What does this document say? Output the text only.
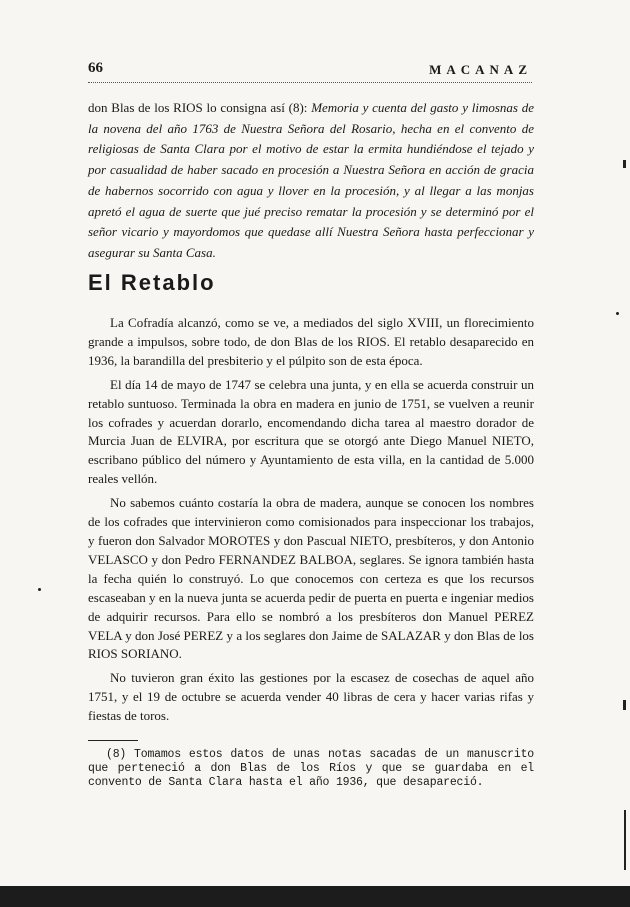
66	MACANAZ
don Blas de los RIOS lo consigna así (8): Memoria y cuenta del gasto y limosnas de la novena del año 1763 de Nuestra Señora del Rosario, hecha en el convento de religiosas de Santa Clara por el motivo de estar la ermita hundiéndose el tejado y por casualidad de haber sacado en procesión a Nuestra Señora en acción de gracia de habernos socorrido con agua y llover en la procesión, y al llegar a las monjas apretó el agua de suerte que jué preciso rematar la procesión y se determinó por el señor vicario y mayordomos que quedase allí Nuestra Señora hasta perfeccionar y asegurar su Santa Casa.
El Retablo

La Cofradía alcanzó, como se ve, a mediados del siglo XVIII, un florecimiento grande a impulsos, sobre todo, de don Blas de los RIOS. El retablo desaparecido en 1936, la barandilla del presbiterio y el púlpito son de esta época.

El día 14 de mayo de 1747 se celebra una junta, y en ella se acuerda construir un retablo suntuoso. Terminada la obra en madera en junio de 1751, se vuelven a reunir los cofrades y acuerdan dorarlo, encomendando dicha tarea al maestro dorador de Murcia Juan de ELVIRA, por escritura que se otorgó ante Diego Manuel NIETO, escribano público del número y Ayuntamiento de esta villa, en la cantidad de 5.000 reales vellón.

No sabemos cuánto costaría la obra de madera, aunque se conocen los nombres de los cofrades que intervinieron como comisionados para inspeccionar los trabajos, y fueron don Salvador MOROTES y don Pascual NIETO, presbíteros, y don Antonio VELASCO y don Pedro FERNANDEZ BALBOA, seglares. Se ignora también hasta la fecha quién lo construyó. Lo que conocemos con certeza es que los recursos escaseaban y en la nueva junta se acuerda pedir de puerta en puerta e ingeniar medios de adquirir recursos. Para ello se nombró a los presbíteros don Manuel PEREZ VELA y don José PEREZ y a los seglares don Jaime de SALAZAR y don Blas de los RIOS SORIANO.

No tuvieron gran éxito las gestiones por la escasez de cosechas de aquel año 1751, y el 19 de octubre se acuerda vender 40 libras de cera y hacer varias rifas y fiestas de toros.

(8) Tomamos estos datos de unas notas sacadas de un manuscrito que perteneció a don Blas de los Ríos y que se guardaba en el convento de Santa Clara hasta el año 1936, que desapareció.
